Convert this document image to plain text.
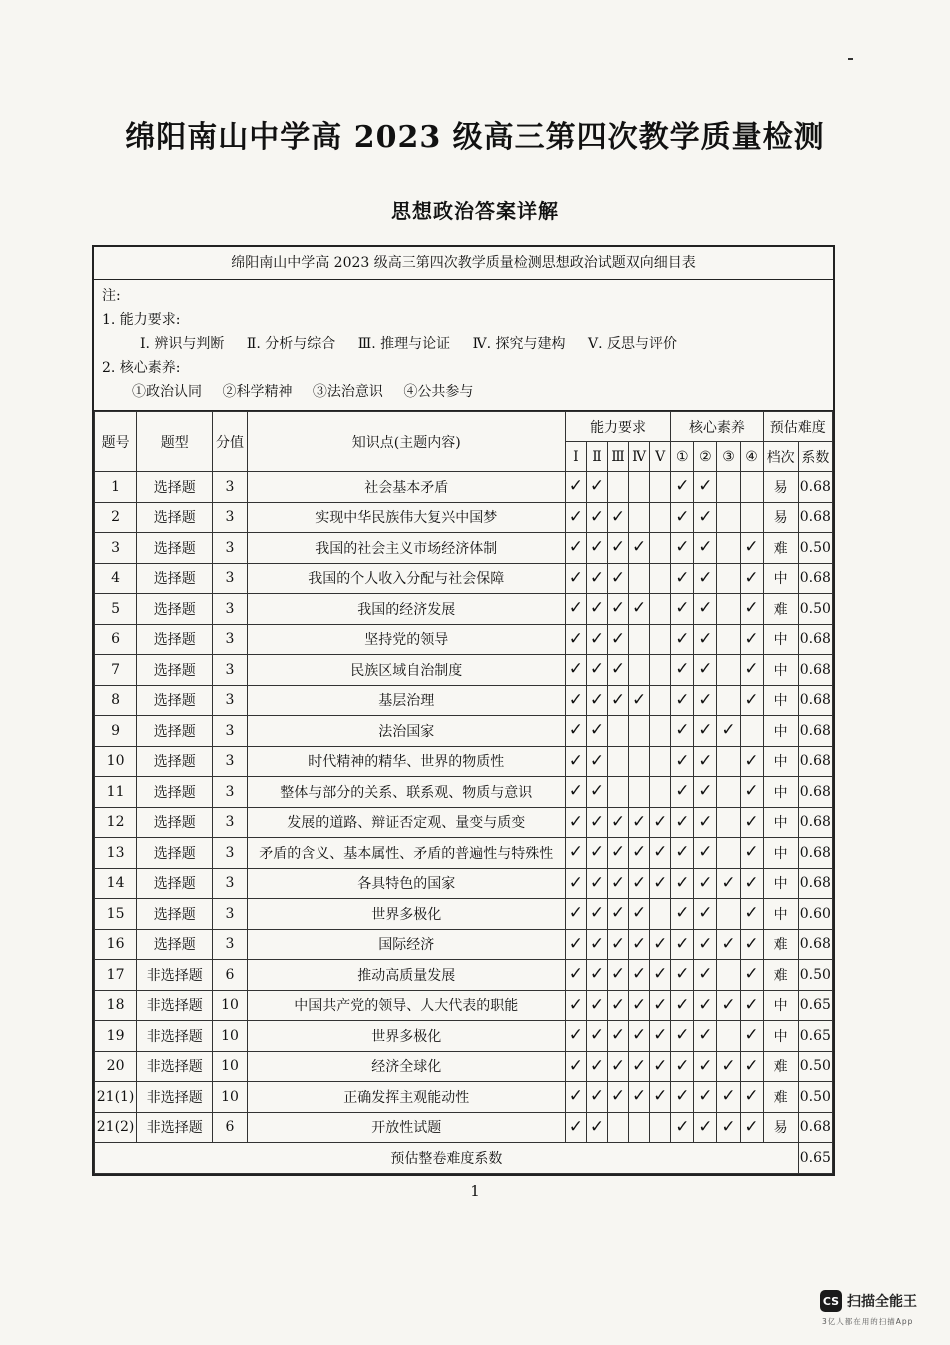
绵阳南山中学高 2023 级高三第四次教学质量检测
思想政治答案详解
绵阳南山中学高 2023 级高三第四次教学质量检测思想政治试题双向细目表
注:
1. 能力要求:
Ⅰ. 辨识与判断 Ⅱ. 分析与综合 Ⅲ. 推理与论证 Ⅳ. 探究与建构 Ⅴ. 反思与评价
2. 核心素养:
①政治认同 ②科学精神 ③法治意识 ④公共参与
题号	题型	分值	知识点(主题内容)	能力要求					核心素养				预估难度	
				Ⅰ	Ⅱ	Ⅲ	Ⅳ	Ⅴ	①	②	③	④	档次	系数
1	选择题	3	社会基本矛盾	✓	✓				✓	✓			易	0.68
2	选择题	3	实现中华民族伟大复兴中国梦	✓	✓	✓			✓	✓			易	0.68
3	选择题	3	我国的社会主义市场经济体制	✓	✓	✓	✓		✓	✓		✓	难	0.50
4	选择题	3	我国的个人收入分配与社会保障	✓	✓	✓			✓	✓		✓	中	0.68
5	选择题	3	我国的经济发展	✓	✓	✓	✓		✓	✓		✓	难	0.50
6	选择题	3	坚持党的领导	✓	✓	✓			✓	✓		✓	中	0.68
7	选择题	3	民族区域自治制度	✓	✓	✓			✓	✓		✓	中	0.68
8	选择题	3	基层治理	✓	✓	✓	✓		✓	✓		✓	中	0.68
9	选择题	3	法治国家	✓	✓				✓	✓	✓		中	0.68
10	选择题	3	时代精神的精华、世界的物质性	✓	✓				✓	✓		✓	中	0.68
11	选择题	3	整体与部分的关系、联系观、物质与意识	✓	✓				✓	✓		✓	中	0.68
12	选择题	3	发展的道路、辩证否定观、量变与质变	✓	✓	✓	✓	✓	✓	✓		✓	中	0.68
13	选择题	3	矛盾的含义、基本属性、矛盾的普遍性与特殊性	✓	✓	✓	✓	✓	✓	✓		✓	中	0.68
14	选择题	3	各具特色的国家	✓	✓	✓	✓	✓	✓	✓	✓	✓	中	0.68
15	选择题	3	世界多极化	✓	✓	✓	✓		✓	✓		✓	中	0.60
16	选择题	3	国际经济	✓	✓	✓	✓	✓	✓	✓	✓	✓	难	0.68
17	非选择题	6	推动高质量发展	✓	✓	✓	✓	✓	✓	✓		✓	难	0.50
18	非选择题	10	中国共产党的领导、人大代表的职能	✓	✓	✓	✓	✓	✓	✓	✓	✓	中	0.65
19	非选择题	10	世界多极化	✓	✓	✓	✓	✓	✓	✓		✓	中	0.65
20	非选择题	10	经济全球化	✓	✓	✓	✓	✓	✓	✓	✓	✓	难	0.50
21(1)	非选择题	10	正确发挥主观能动性	✓	✓	✓	✓	✓	✓	✓	✓	✓	难	0.50
21(2)	非选择题	6	开放性试题	✓	✓				✓	✓	✓	✓	易	0.68
预估整卷难度系数														0.65
1
CS 扫描全能王
3亿人都在用的扫描App
